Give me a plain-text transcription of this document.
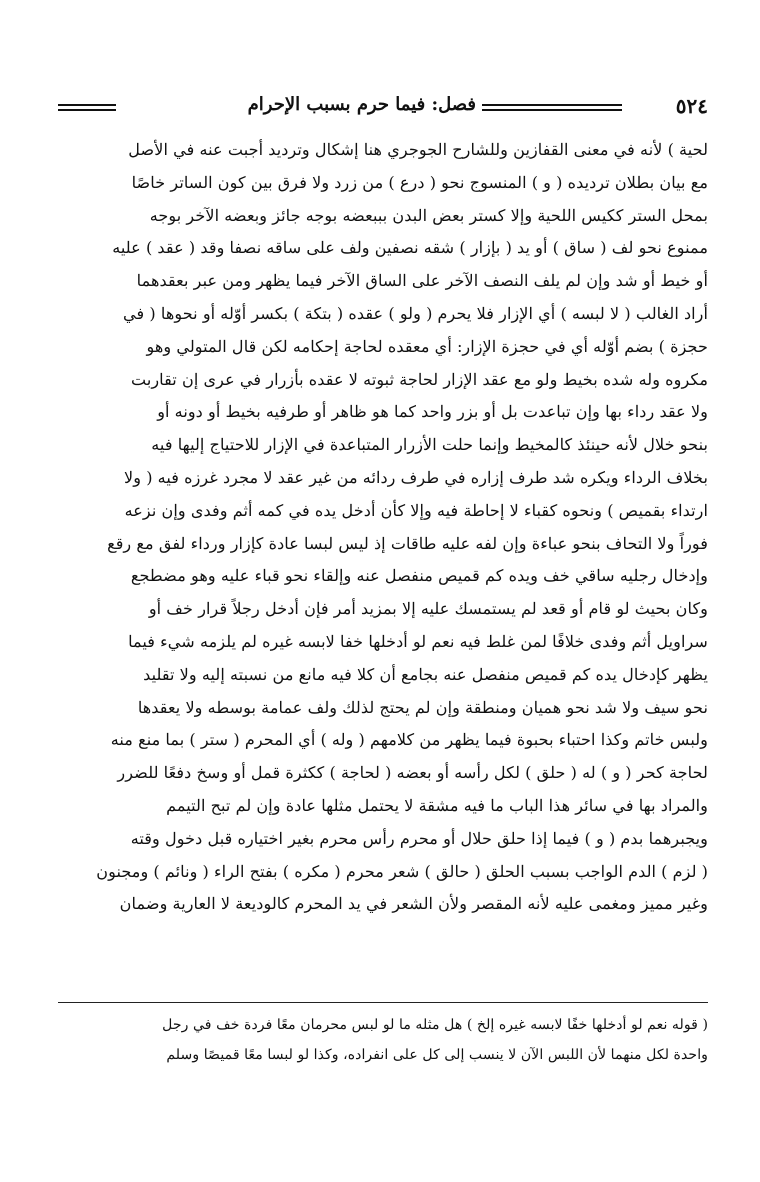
٥٢٤
فصل: فيما حرم بسبب الإحرام
لحية ) لأنه في معنى القفازين وللشارح الجوجري هنا إشكال وترديد أجبت عنه في الأصل
مع بيان بطلان ترديده ( و ) المنسوج نحو ( درع ) من زرد ولا فرق بين كون الساتر خاصًا
بمحل الستر ككيس اللحية وإلا كستر بعض البدن بببعضه بوجه جائز وبعضه الآخر بوجه
ممنوع نحو لف ( ساق ) أو يد ( بإزار ) شقه نصفين ولف على ساقه نصفا وقد ( عقد ) عليه
أو خيط أو شد وإن لم يلف النصف الآخر على الساق الآخر فيما يظهر ومن عبر بعقدهما
أراد الغالب ( لا لبسه ) أي الإزار فلا يحرم ( ولو ) عقده ( بتكة ) بكسر أوّله أو نحوها ( في
حجزة ) بضم أوّله أي في حجزة الإزار: أي معقده لحاجة إحكامه لكن قال المتولي وهو
مكروه وله شده بخيط ولو مع عقد الإزار لحاجة ثبوته لا عقده بأزرار في عرى إن تقاربت
ولا عقد رداء بها وإن تباعدت بل أو بزر واحد كما هو ظاهر أو طرفيه بخيط أو دونه أو
بنحو خلال لأنه حينئذ كالمخيط وإنما حلت الأزرار المتباعدة في الإزار للاحتياج إليها فيه
بخلاف الرداء ويكره شد طرف إزاره في طرف ردائه من غير عقد لا مجرد غرزه فيه ( ولا
ارتداء بقميص ) ونحوه كقباء لا إحاطة فيه وإلا كأن أدخل يده في كمه أثم وفدى وإن نزعه
فوراً ولا التحاف بنحو عباءة وإن لفه عليه طاقات إذ ليس لبسا عادة كإزار ورداء لفق مع رقع
وإدخال رجليه ساقي خف ويده كم قميص منفصل عنه وإلقاء نحو قباء عليه وهو مضطجع
وكان بحيث لو قام أو قعد لم يستمسك عليه إلا بمزيد أمر فإن أدخل رجلاً قرار خف أو
سراويل أثم وفدى خلافًا لمن غلط فيه نعم لو أدخلها خفا لابسه غيره لم يلزمه شيء فيما
يظهر كإدخال يده كم قميص منفصل عنه بجامع أن كلا فيه مانع من نسبته إليه ولا تقليد
نحو سيف ولا شد نحو هميان ومنطقة وإن لم يحتج لذلك ولف عمامة بوسطه ولا يعقدها
ولبس خاتم وكذا احتباء بحبوة فيما يظهر من كلامهم ( وله ) أي المحرم ( ستر ) بما منع منه
لحاجة كحر ( و ) له ( حلق ) لكل رأسه أو بعضه ( لحاجة ) ككثرة قمل أو وسخ دفعًا للضرر
والمراد بها في سائر هذا الباب ما فيه مشقة لا يحتمل مثلها عادة وإن لم تبح التيمم
ويجبرهما بدم ( و ) فيما إذا حلق حلال أو محرم رأس محرم بغير اختياره قبل دخول وقته
( لزم ) الدم الواجب بسبب الحلق ( حالق ) شعر محرم ( مكره ) بفتح الراء ( ونائم ) ومجنون
وغير مميز ومغمى عليه لأنه المقصر ولأن الشعر في يد المحرم كالوديعة لا العارية وضمان
( قوله نعم لو أدخلها خفًا لابسه غيره إلخ ) هل مثله ما لو لبس محرمان معًا فردة خف في رجل
واحدة لكل منهما لأن اللبس الآن لا ينسب إلى كل على انفراده، وكذا لو لبسا معًا قميصًا وسلم
